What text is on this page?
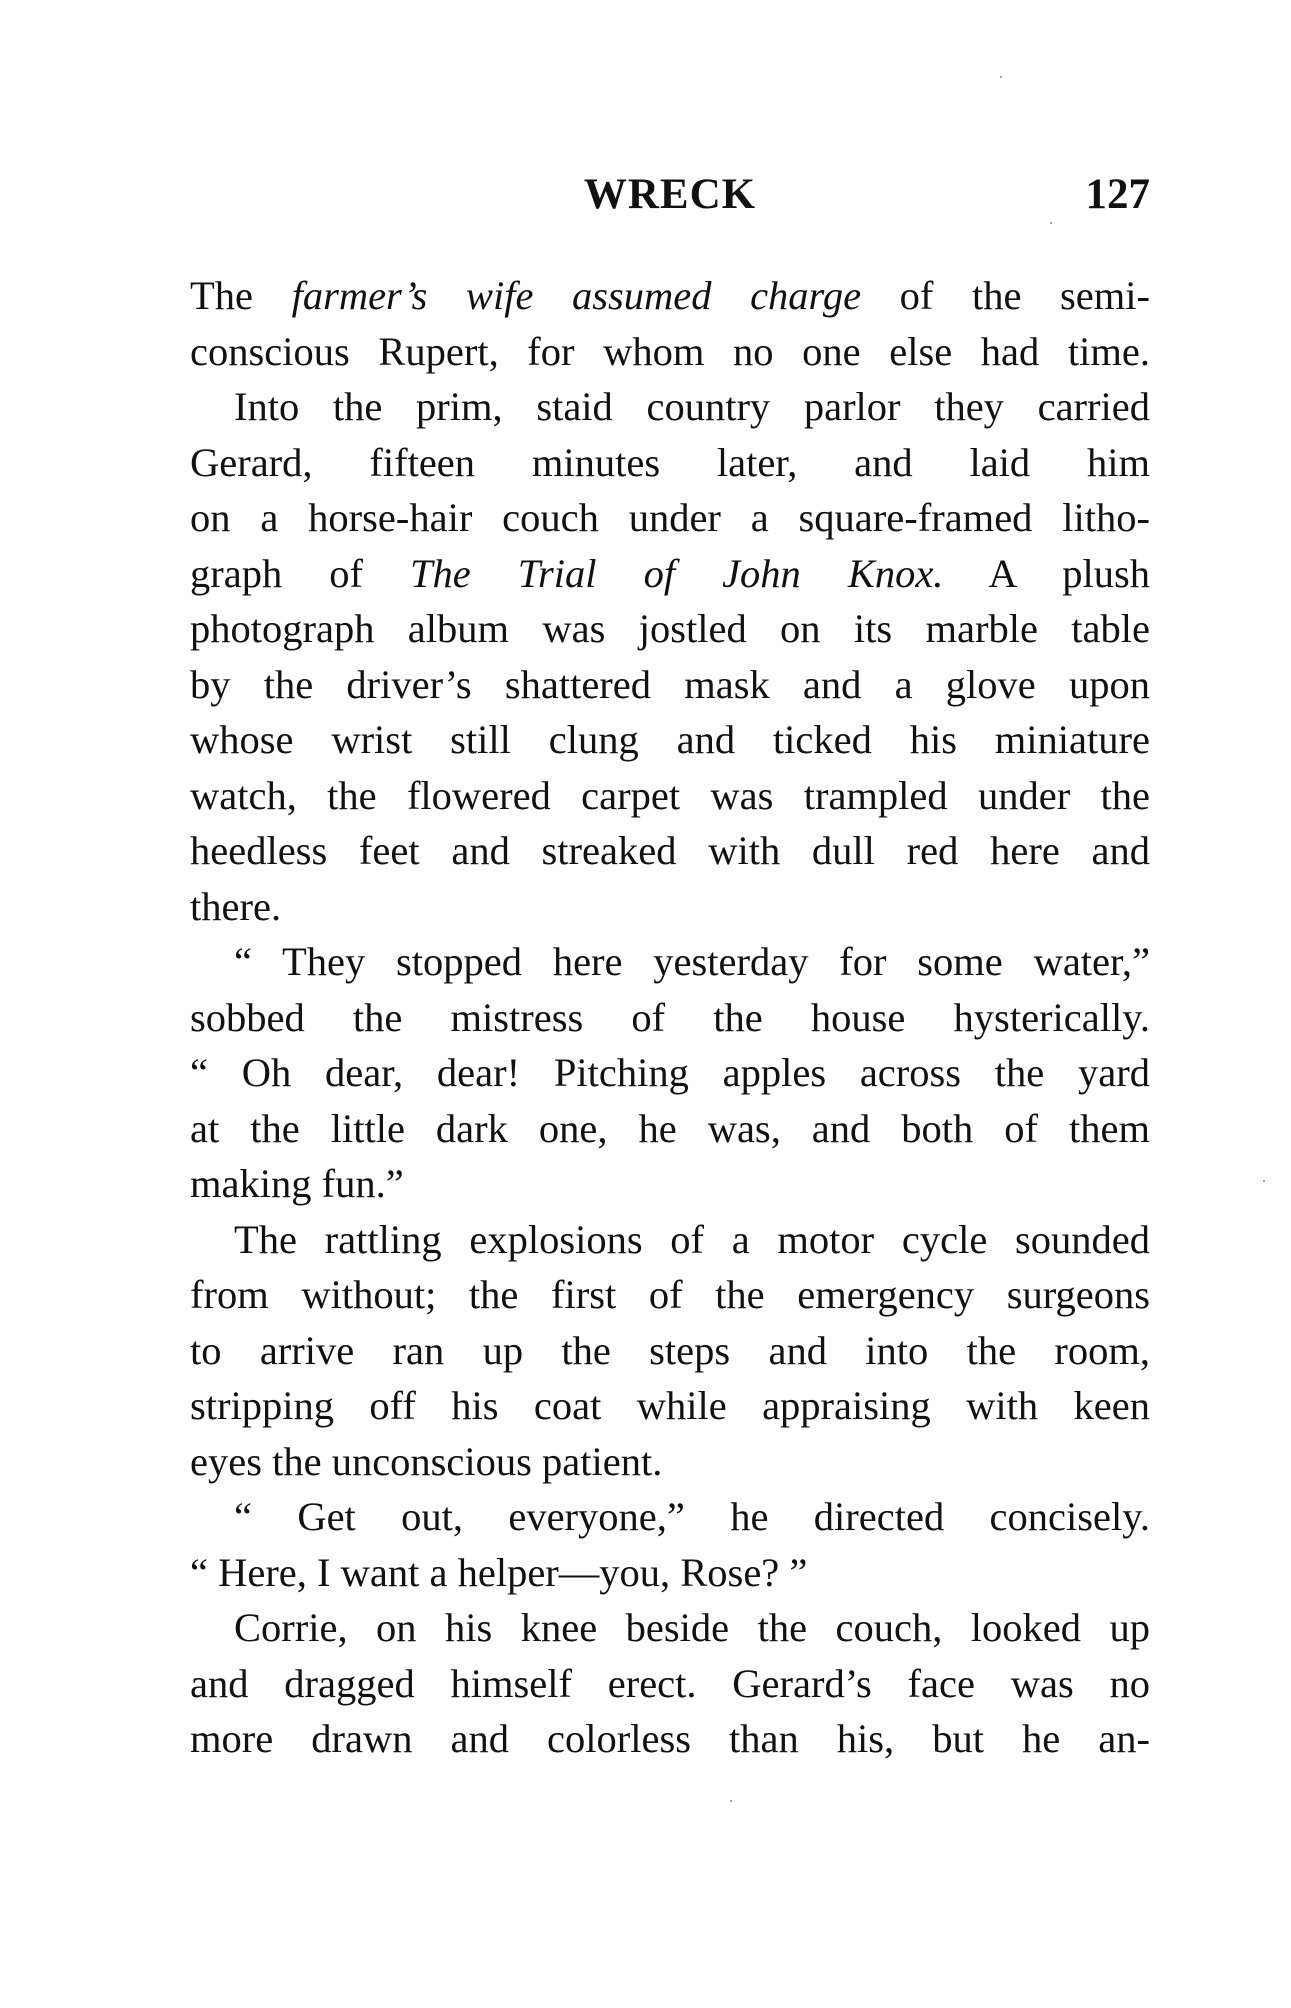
WRECK	127
The farmer’s wife assumed charge of the semi-
conscious Rupert, for whom no one else had time.
Into the prim, staid country parlor they carried
Gerard, fifteen minutes later, and laid him
on a horse-hair couch under a square-framed litho-
graph of The Trial of John Knox. A plush
photograph album was jostled on its marble table
by the driver’s shattered mask and a glove upon
whose wrist still clung and ticked his miniature
watch, the flowered carpet was trampled under the
heedless feet and streaked with dull red here and
there.
“ They stopped here yesterday for some water,”
sobbed the mistress of the house hysterically.
“ Oh dear, dear! Pitching apples across the yard
at the little dark one, he was, and both of them
making fun.”
The rattling explosions of a motor cycle sounded
from without; the first of the emergency surgeons
to arrive ran up the steps and into the room,
stripping off his coat while appraising with keen
eyes the unconscious patient.
“ Get out, everyone,” he directed concisely.
“ Here, I want a helper—you, Rose? ”
Corrie, on his knee beside the couch, looked up
and dragged himself erect. Gerard’s face was no
more drawn and colorless than his, but he an-
